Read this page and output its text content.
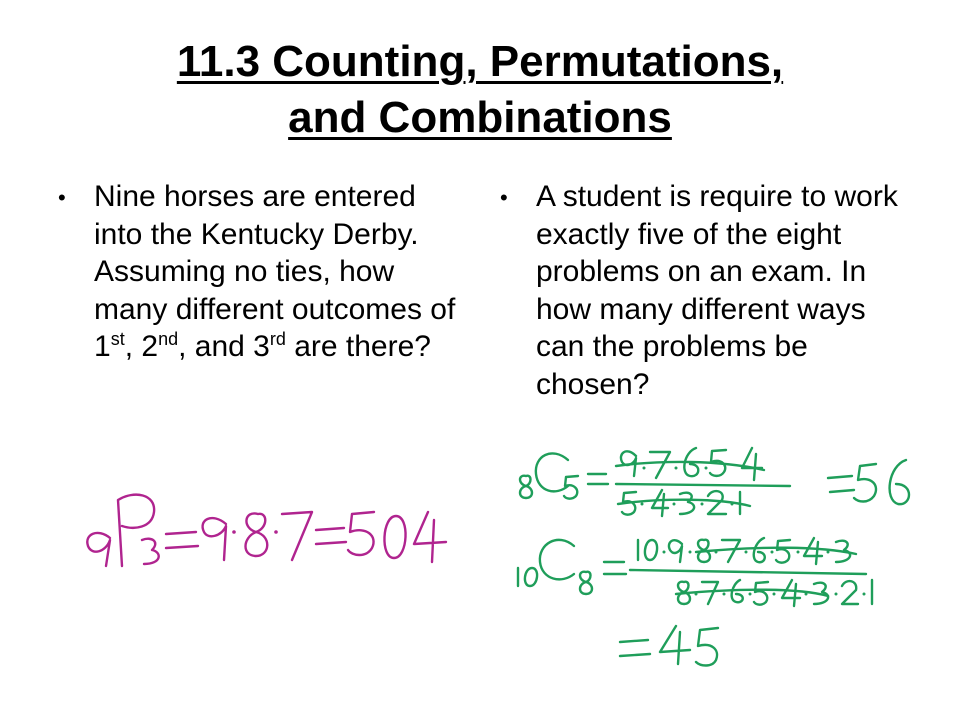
11.3 Counting, Permutations,
and Combinations
• Nine horses are entered into the Kentucky Derby. Assuming no ties, how many different outcomes of 1st, 2nd, and 3rd are there?
• A student is require to work exactly five of the eight problems on an exam. In how many different ways can the problems be chosen?
